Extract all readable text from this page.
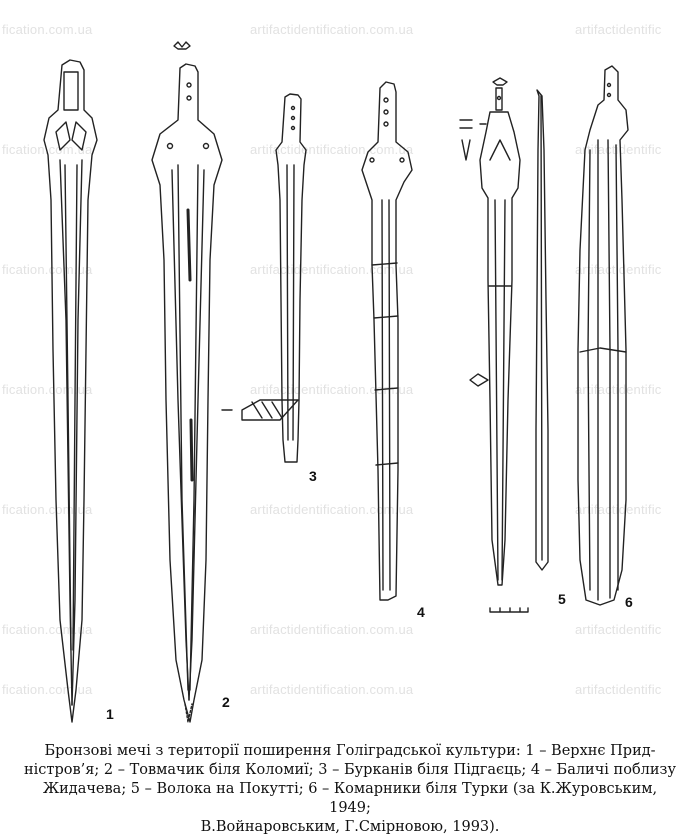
fication.com.ua	artifactidentification.com.ua	artifactidentific
fication.com.ua	artifactidentification.com.ua	artifactidentific
fication.com.ua	artifactidentification.com.ua	artifactidentific
fication.com.ua	artifactidentification.com.ua	artifactidentific
fication.com.ua	artifactidentification.com.ua	artifactidentific
fication.com.ua	artifactidentification.com.ua	artifactidentific
fication.com.ua	artifactidentification.com.ua	artifactidentific
1
2
3
4
5	6
Бронзові мечі з території поширення Голіградської культури: 1 – Верхнє Прид-
ністров’я; 2 – Товмачик біля Коломиї; 3 – Бурканів біля Підгаєць; 4 – Баличі поблизу
Жидачева; 5 – Волока на Покутті; 6 – Комарники біля Турки (за К.Журовським, 1949;
В.Войнаровським, Г.Смірновою, 1993).
